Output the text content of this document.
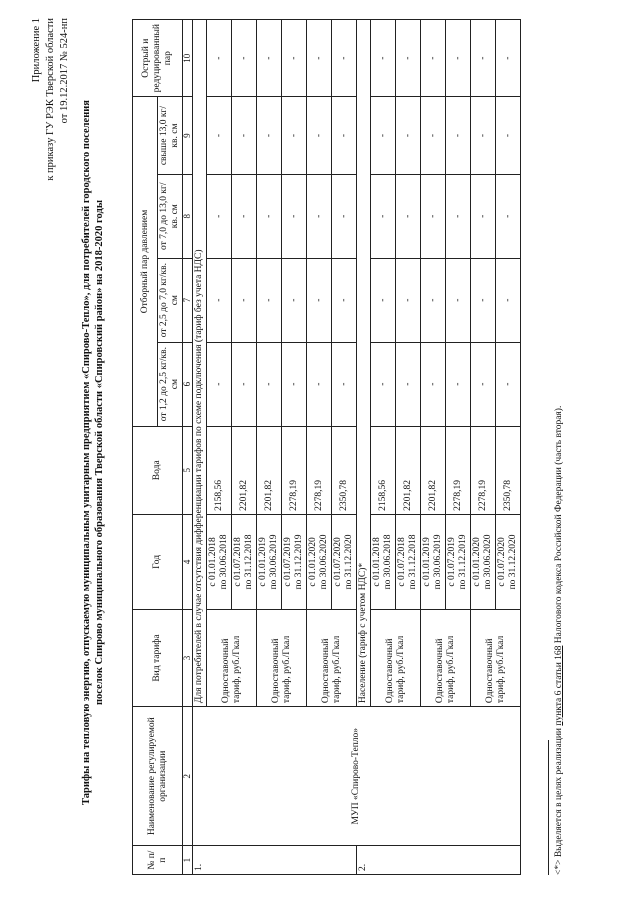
Приложение 1 к приказу ГУ РЭК Тверской области от 19.12.2017 № 524-нп
Тарифы на тепловую энергию, отпускаемую муниципальным унитарным предприятием «Спирово-Тепло», для потребителей городского поселения поселок Спирово муниципального образования Тверской области «Спировский район» на 2018-2020 годы
№ п/п	Наименование регулируемой организации	Вид тарифа	Год	Вода	Отборный пар давлением				Острый и редуцированный пар
					от 1,2 до 2,5 кг/кв. см	от 2,5 до 7,0 кг/кв. см	от 7,0 до 13,0 кг/кв. см	свыше 13,0 кг/кв. см	
1	2	3	4	5	6	7	8	9	10
1.	МУП «Спирово-Тепло»	Для потребителей в случае отсутствия дифференциации тарифов по схеме подключения (тариф без учета НДС)							
		Одноставочный тариф, руб./Гкал	с 01.01.2018 по 30.06.2018	2158,56	-	-	-	-	-

			с 01.07.2018 по 31.12.2018	2201,82	-	-	-	-	-
		Одноставочный тариф, руб./Гкал	с 01.01.2019 по 30.06.2019	2201,82	-	-	-	-	-

			с 01.07.2019 по 31.12.2019	2278,19	-	-	-	-	-
		Одноставочный тариф, руб./Гкал	с 01.01.2020 по 30.06.2020	2278,19	-	-	-	-	-

			с 01.07.2020 по 31.12.2020	2350,78	-	-	-	-	-
2.		Население (тариф с учетом НДС)*							
		Одноставочный тариф, руб./Гкал	с 01.01.2018 по 30.06.2018	2158,56	-	-	-	-	-

			с 01.07.2018 по 31.12.2018	2201,82	-	-	-	-	-
		Одноставочный тариф, руб./Гкал	с 01.01.2019 по 30.06.2019	2201,82	-	-	-	-	-

			с 01.07.2019 по 31.12.2019	2278,19	-	-	-	-	-
		Одноставочный тариф, руб./Гкал	с 01.01.2020 по 30.06.2020	2278,19	-	-	-	-	-

			с 01.07.2020 по 31.12.2020	2350,78	-	-	-	-	-
<*> Выделяется в целях реализации пункта 6 статьи 168 Налогового кодекса Российской Федерации (часть вторая).
